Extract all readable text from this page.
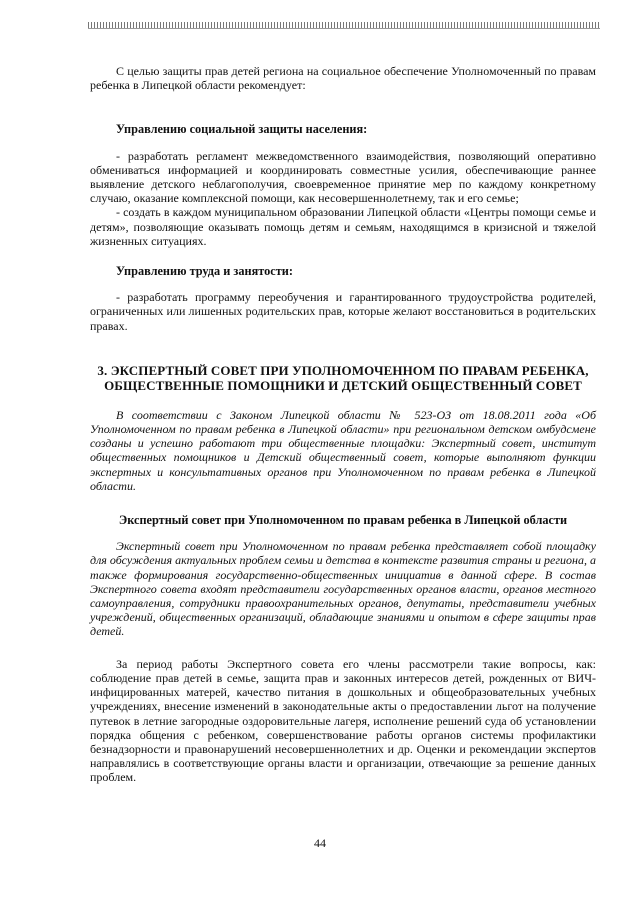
С целью защиты прав детей региона на социальное обеспечение Уполномоченный по правам ребенка в Липецкой области рекомендует:

Управлению социальной защиты населения:

- разработать регламент межведомственного взаимодействия, позволяющий оперативно обмениваться информацией и координировать совместные усилия, обеспечивающие раннее выявление детского неблагополучия, своевременное принятие мер по каждому конкретному случаю, оказание комплексной помощи, как несовершеннолетнему, так и его семье;

- создать в каждом муниципальном образовании Липецкой области «Центры помощи семье и детям», позволяющие оказывать помощь детям и семьям, находящимся в кризисной и тяжелой жизненных ситуациях.

Управлению труда и занятости:

- разработать программу переобучения и гарантированного трудоустройства родителей, ограниченных или лишенных родительских прав, которые желают восстановиться в родительских правах.

3. ЭКСПЕРТНЫЙ СОВЕТ ПРИ УПОЛНОМОЧЕННОМ ПО ПРАВАМ РЕБЕНКА,

ОБЩЕСТВЕННЫЕ ПОМОЩНИКИ И ДЕТСКИЙ ОБЩЕСТВЕННЫЙ СОВЕТ

В соответствии с Законом Липецкой области № 523-ОЗ от 18.08.2011 года «Об Уполномоченном по правам ребенка в Липецкой области» при региональном детском омбудсмене созданы и успешно работают три общественные площадки: Экспертный совет, институт общественных помощников и Детский общественный совет, которые выполняют функции экспертных и консультативных органов при Уполномоченном по правам ребенка в Липецкой области.

Экспертный совет при Уполномоченном по правам ребенка в Липецкой области

Экспертный совет при Уполномоченном по правам ребенка представляет собой площадку для обсуждения актуальных проблем семьи и детства в контексте развития страны и региона, а также формирования государственно-общественных инициатив в данной сфере. В состав Экспертного совета входят представители государственных органов власти, органов местного самоуправления, сотрудники правоохранительных органов, депутаты, представители учебных учреждений, общественных организаций, обладающие знаниями и опытом в сфере защиты прав детей.

За период работы Экспертного совета его члены рассмотрели такие вопросы, как: соблюдение прав детей в семье, защита прав и законных интересов детей, рожденных от ВИЧ-инфицированных матерей, качество питания в дошкольных и общеобразовательных учебных учреждениях, внесение изменений в законодательные акты о предоставлении льгот на получение путевок в летние загородные оздоровительные лагеря, исполнение решений суда об установлении порядка общения с ребенком, совершенствование работы органов системы профилактики безнадзорности и правонарушений несовершеннолетних и др. Оценки и рекомендации экспертов направлялись в соответствующие органы власти и организации, отвечающие за решение данных проблем.

44
